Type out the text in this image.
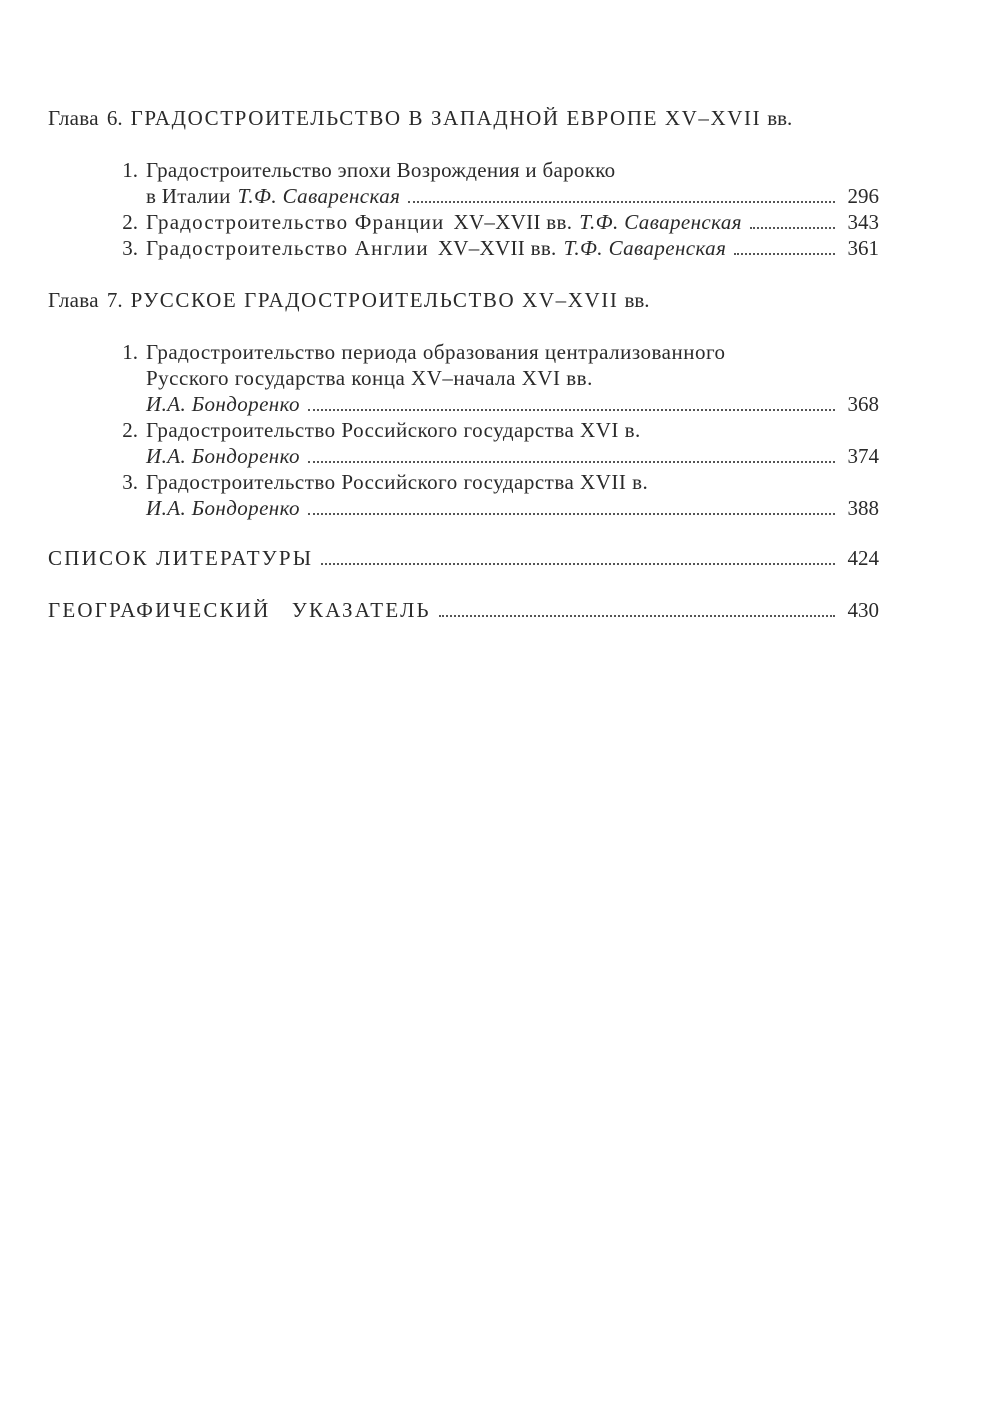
Глава 6. ГРАДОСТРОИТЕЛЬСТВО В ЗАПАДНОЙ ЕВРОПЕ XV–XVII вв.
1. Градостроительство эпохи Возрождения и барокко
в Италии Т.Ф. Саваренская	296
2. Градостроительство Франции XV–XVII вв. Т.Ф. Саваренская	343
3. Градостроительство Англии XV–XVII вв. Т.Ф. Саваренская	361
Глава 7. РУССКОЕ ГРАДОСТРОИТЕЛЬСТВО XV–XVII вв.
1. Градостроительство периода образования централизованного
Русского государства конца XV–начала XVI вв.
И.А. Бондоренко	368
2. Градостроительство Российского государства XVI в.
И.А. Бондоренко	374
3. Градостроительство Российского государства XVII в.
И.А. Бондоренко	388
СПИСОК ЛИТЕРАТУРЫ	424
ГЕОГРАФИЧЕСКИЙ УКАЗАТЕЛЬ	430
